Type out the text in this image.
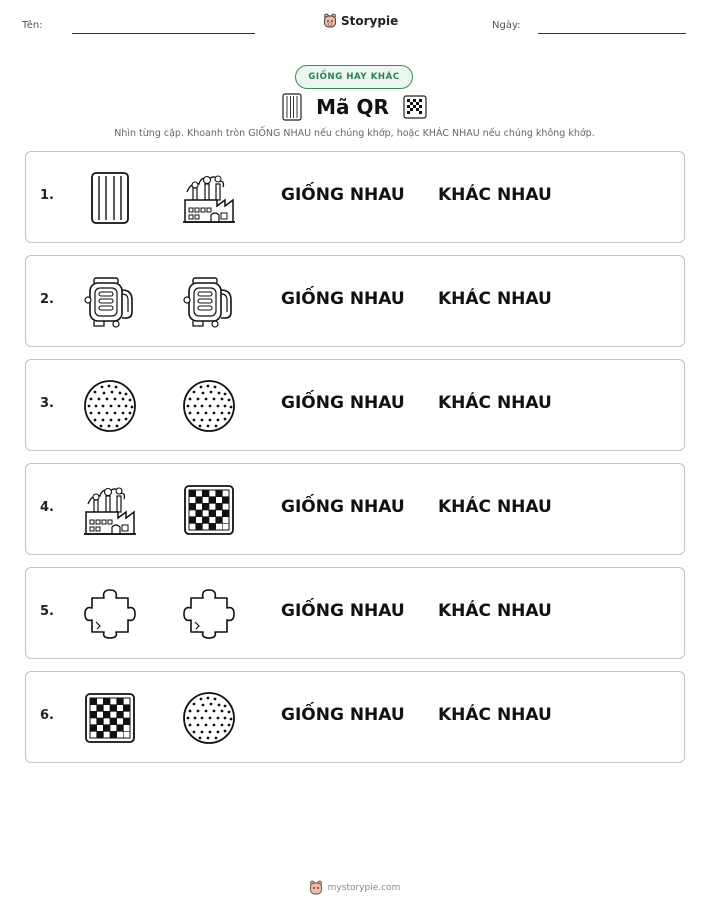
Tên:	Storypie	Ngày:
GIỐNG HAY KHÁC
Mã QR

Nhìn từng cặp. Khoanh tròn GIỐNG NHAU nếu chúng khớp, hoặc KHÁC NHAU nếu chúng không khớp.

1.	GIỐNG NHAU KHÁC NHAU
2.	GIỐNG NHAU KHÁC NHAU
3.	GIỐNG NHAU KHÁC NHAU
4.	GIỐNG NHAU KHÁC NHAU
5.	GIỐNG NHAU KHÁC NHAU
6.	GIỐNG NHAU KHÁC NHAU
mystorypie.com
